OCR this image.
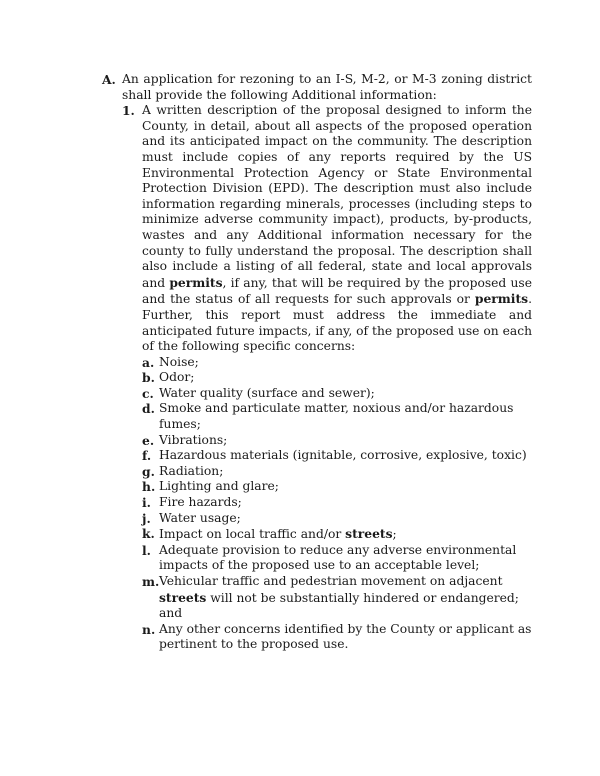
A. An application for rezoning to an I-S, M-2, or M-3 zoning district shall provide the following Additional information:
1. A written description of the proposal designed to inform the County, in detail, about all aspects of the proposed operation and its anticipated impact on the community. The description must include copies of any reports required by the US Environmental Protection Agency or State Environmental Protection Division (EPD). The description must also include information regarding minerals, processes (including steps to minimize adverse community impact), products, by-products, wastes and any Additional information necessary for the county to fully understand the proposal. The description shall also include a listing of all federal, state and local approvals and permits, if any, that will be required by the proposed use and the status of all requests for such approvals or permits. Further, this report must address the immediate and anticipated future impacts, if any, of the proposed use on each of the following specific concerns:
a. Noise;
b. Odor;
c. Water quality (surface and sewer);
d. Smoke and particulate matter, noxious and/or hazardous fumes;
e. Vibrations;
f. Hazardous materials (ignitable, corrosive, explosive, toxic)
g. Radiation;
h. Lighting and glare;
i. Fire hazards;
j. Water usage;
k. Impact on local traffic and/or streets;
l. Adequate provision to reduce any adverse environmental impacts of the proposed use to an acceptable level;
m. Vehicular traffic and pedestrian movement on adjacent streets will not be substantially hindered or endangered; and
n. Any other concerns identified by the County or applicant as pertinent to the proposed use.
